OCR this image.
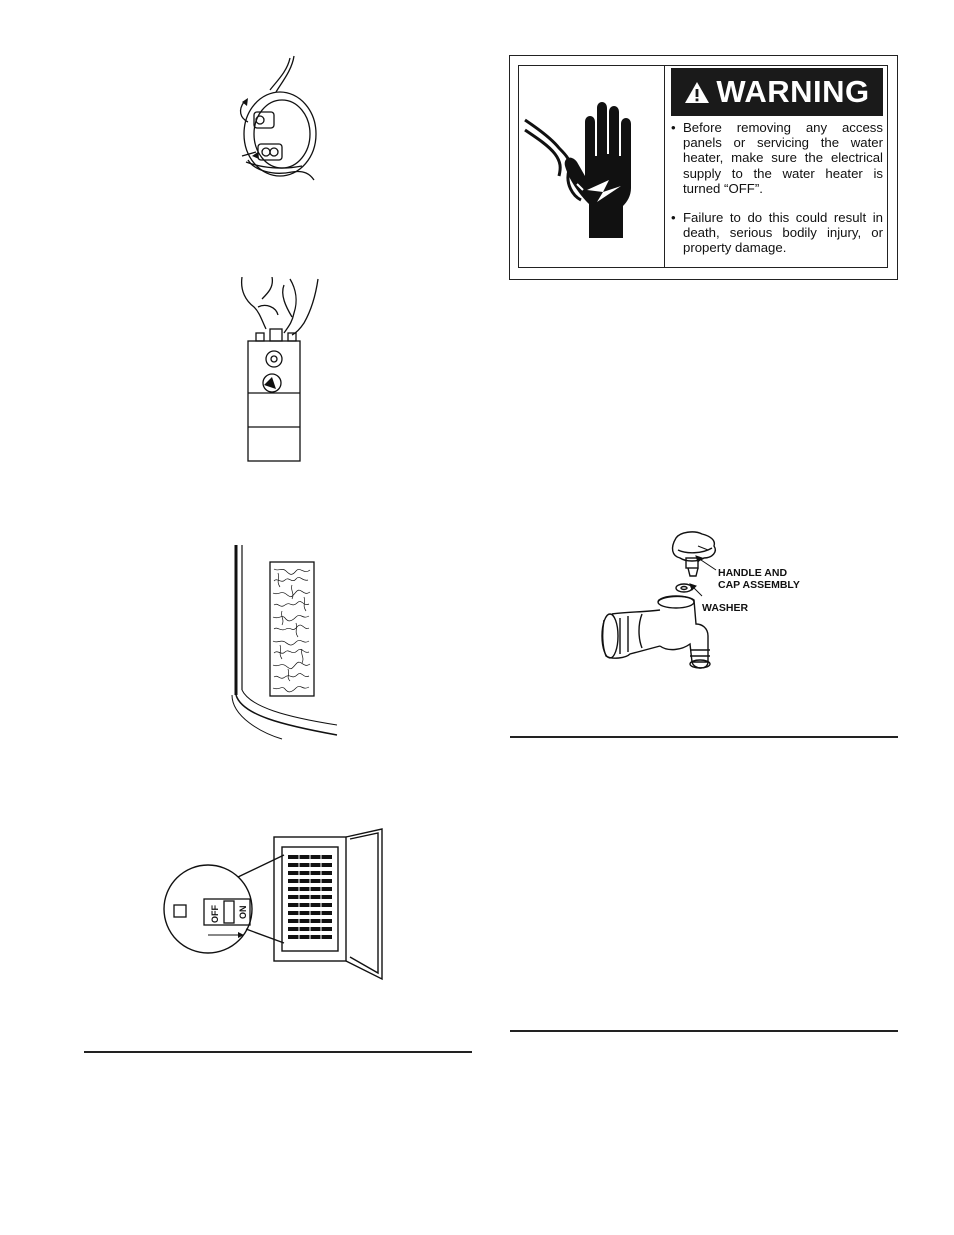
OFF ON
WARNING
• Before removing any access panels or servicing the water heater, make sure the electrical supply to the water heater is turned “OFF”.
• Failure to do this could result in death, serious bodily injury, or property damage.
HANDLE AND
CAP ASSEMBLY
WASHER
